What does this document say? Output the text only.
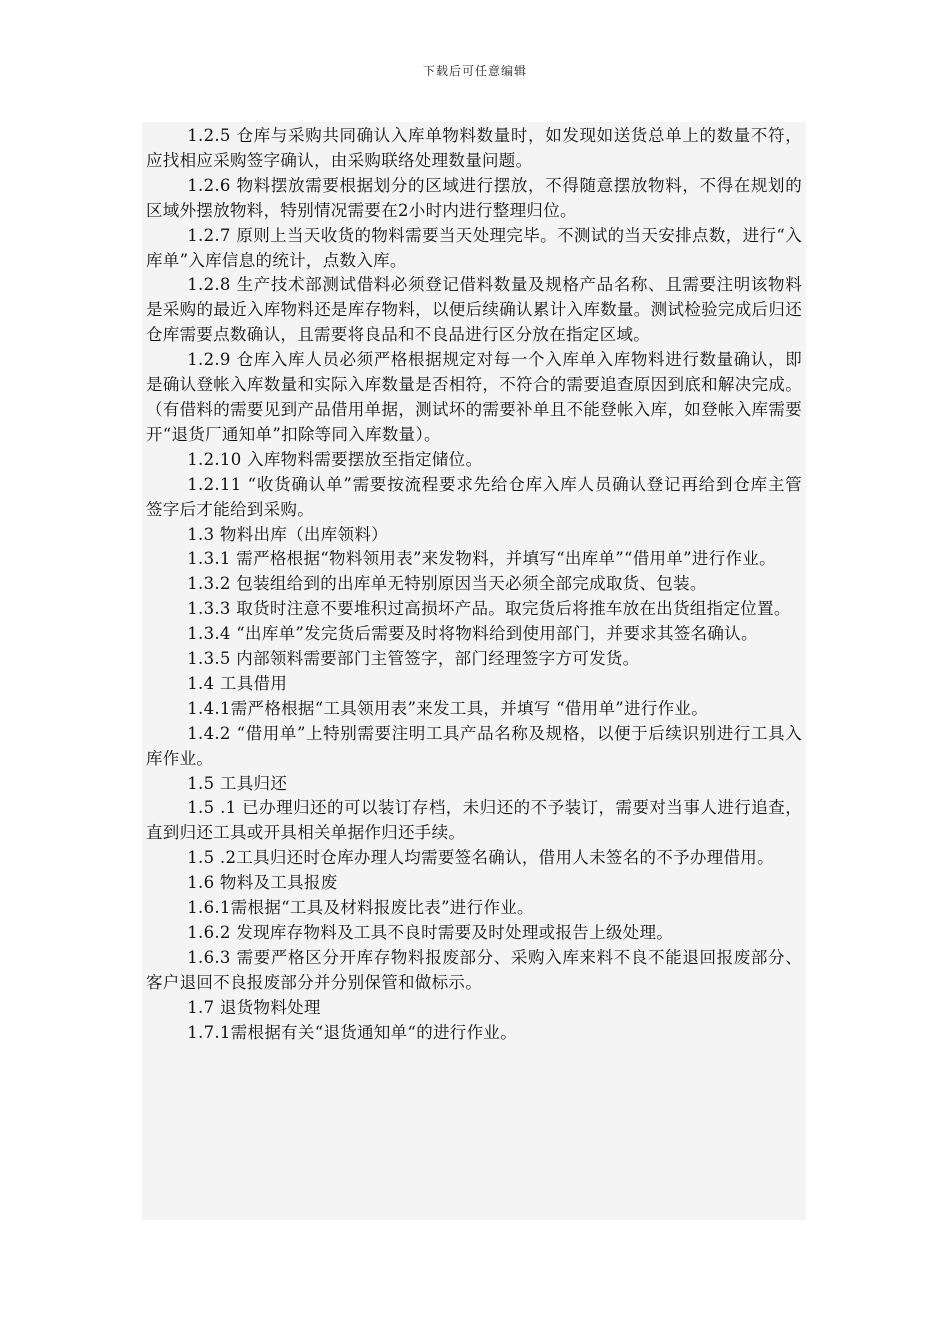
下载后可任意编辑

1.2.5 仓库与采购共同确认入库单物料数量时，如发现如送货总单上的数量不符，应找相应采购签字确认，由采购联络处理数量问题。

1.2.6 物料摆放需要根据划分的区域进行摆放，不得随意摆放物料，不得在规划的区域外摆放物料，特别情况需要在2小时内进行整理归位。

1.2.7 原则上当天收货的物料需要当天处理完毕。不测试的当天安排点数，进行“入库单”入库信息的统计，点数入库。

1.2.8 生产技术部测试借料必须登记借料数量及规格产品名称、且需要注明该物料是采购的最近入库物料还是库存物料，以便后续确认累计入库数量。测试检验完成后归还仓库需要点数确认，且需要将良品和不良品进行区分放在指定区域。

1.2.9 仓库入库人员必须严格根据规定对每一个入库单入库物料进行数量确认，即是确认登帐入库数量和实际入库数量是否相符，不符合的需要追查原因到底和解决完成。（有借料的需要见到产品借用单据，测试坏的需要补单且不能登帐入库，如登帐入库需要开“退货厂通知单”扣除等同入库数量）。

1.2.10 入库物料需要摆放至指定储位。

1.2.11 “收货确认单”需要按流程要求先给仓库入库人员确认登记再给到仓库主管签字后才能给到采购。

1.3 物料出库（出库领料）

1.3.1 需严格根据“物料领用表”来发物料，并填写“出库单”“借用单”进行作业。

1.3.2 包装组给到的出库单无特别原因当天必须全部完成取货、包装。

1.3.3 取货时注意不要堆积过高损坏产品。取完货后将推车放在出货组指定位置。

1.3.4 “出库单”发完货后需要及时将物料给到使用部门，并要求其签名确认。

1.3.5 内部领料需要部门主管签字，部门经理签字方可发货。

1.4 工具借用

1.4.1需严格根据“工具领用表”来发工具，并填写 “借用单”进行作业。

1.4.2 “借用单”上特别需要注明工具产品名称及规格，以便于后续识别进行工具入库作业。

1.5 工具归还

1.5 .1 已办理归还的可以装订存档，未归还的不予装订，需要对当事人进行追查，直到归还工具或开具相关单据作归还手续。

1.5 .2工具归还时仓库办理人均需要签名确认，借用人未签名的不予办理借用。

1.6 物料及工具报废

1.6.1需根据“工具及材料报废比表”进行作业。

1.6.2 发现库存物料及工具不良时需要及时处理或报告上级处理。

1.6.3 需要严格区分开库存物料报废部分、采购入库来料不良不能退回报废部分、客户退回不良报废部分并分别保管和做标示。

1.7 退货物料处理

1.7.1需根据有关“退货通知单“的进行作业。
